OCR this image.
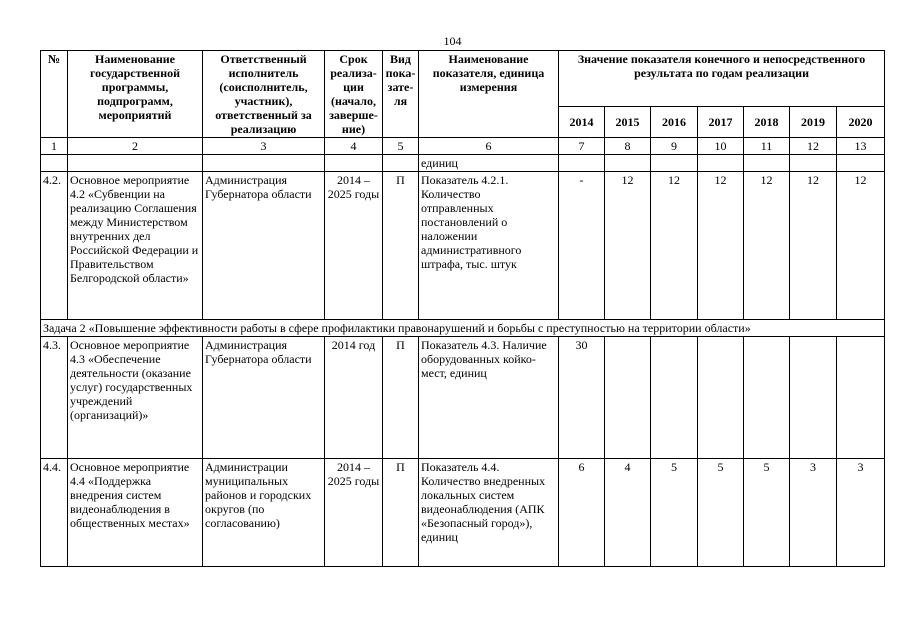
104
№	Наименование государственной программы, подпрограмм, мероприятий	Ответственный исполнитель (соисполнитель, участник), ответственный за реализацию	Срок реализа-ции (начало, заверше-ние)	Вид пока-зате-ля	Наименование показателя, единица измерения	Значение показателя конечного и непосредственного результата по годам реализации						
						2014	2015	2016	2017	2018	2019	2020
1	2	3	4	5	6	7	8	9	10	11	12	13
					единиц							
4.2.	Основное мероприятие 4.2 «Субвенции на реализацию Соглашения между Министерством внутренних дел Российской Федерации и Правительством Белгородской области»	Администрация Губернатора области	2014 – 2025 годы	П	Показатель 4.2.1. Количество отправленных постановлений о наложении административного штрафа, тыс. штук	-	12	12	12	12	12	12
Задача 2 «Повышение эффективности работы в сфере профилактики правонарушений и борьбы с преступностью на территории области»												
4.3.	Основное мероприятие 4.3 «Обеспечение деятельности (оказание услуг) государственных учреждений (организаций)»	Администрация Губернатора области	2014 год	П	Показатель 4.3. Наличие оборудованных койко-мест, единиц	30						
4.4.	Основное мероприятие 4.4 «Поддержка внедрения систем видеонаблюдения в общественных местах»	Администрации муниципальных районов и городских округов (по согласованию)	2014 – 2025 годы	П	Показатель 4.4. Количество внедренных локальных систем видеонаблюдения (АПК «Безопасный город»), единиц	6	4	5	5	5	3	3
